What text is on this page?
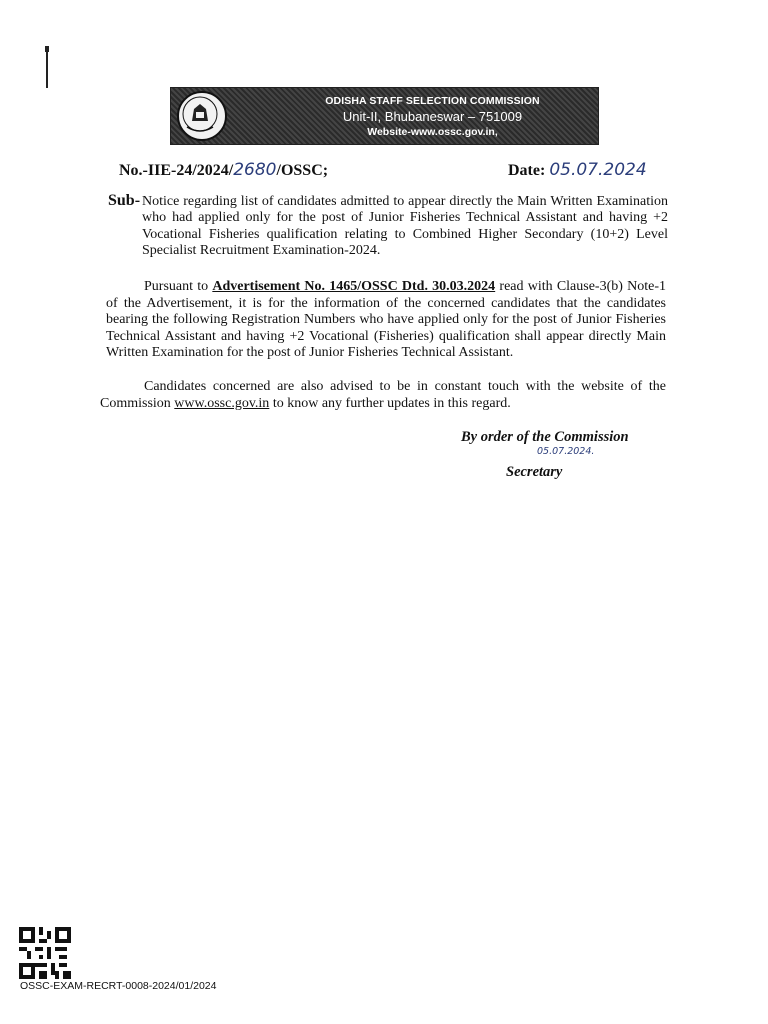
ODISHA STAFF SELECTION COMMISSION
Unit-II, Bhubaneswar – 751009
Website-www.ossc.gov.in,
No.-IIE-24/2024/2680/OSSC;	Date: 05.07.2024
Sub- Notice regarding list of candidates admitted to appear directly the Main Written Examination who had applied only for the post of Junior Fisheries Technical Assistant and having +2 Vocational Fisheries qualification relating to Combined Higher Secondary (10+2) Level Specialist Recruitment Examination-2024.
Pursuant to Advertisement No. 1465/OSSC Dtd. 30.03.2024 read with Clause-3(b) Note-1 of the Advertisement, it is for the information of the concerned candidates that the candidates bearing the following Registration Numbers who have applied only for the post of Junior Fisheries Technical Assistant and having +2 Vocational (Fisheries) qualification shall appear directly Main Written Examination for the post of Junior Fisheries Technical Assistant.
Candidates concerned are also advised to be in constant touch with the website of the Commission www.ossc.gov.in to know any further updates in this regard.
By order of the Commission
05.07.2024.
Secretary
OSSC-EXAM-RECRT-0008-2024/01/2024
